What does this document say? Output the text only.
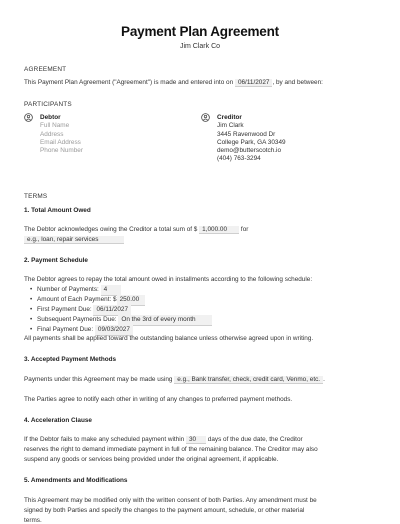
Payment Plan Agreement
Jim Clark Co
AGREEMENT
This Payment Plan Agreement ("Agreement") is made and entered into on 06/11/2027 , by and between:
PARTICIPANTS
Debtor
Full Name
Address
Email Address
Phone Number
Creditor
Jim Clark
3445 Ravenwood Dr
College Park, GA 30349
demo@butterscotch.io
(404) 763-3294
TERMS
1. Total Amount Owed
The Debtor acknowledges owing the Creditor a total sum of $ 1,000.00 for
e.g., loan, repair services
2. Payment Schedule
The Debtor agrees to repay the total amount owed in installments according to the following schedule:
• Number of Payments: 4
• Amount of Each Payment: $ 250.00
• First Payment Due: 06/11/2027
• Subsequent Payments Due: On the 3rd of every month
• Final Payment Due: 09/03/2027
All payments shall be applied toward the outstanding balance unless otherwise agreed upon in writing.
3. Accepted Payment Methods
Payments under this Agreement may be made using e.g., Bank transfer, check, credit card, Venmo, etc. .
The Parties agree to notify each other in writing of any changes to preferred payment methods.
4. Acceleration Clause
If the Debtor fails to make any scheduled payment within 30 days of the due date, the Creditor
reserves the right to demand immediate payment in full of the remaining balance. The Creditor may also
suspend any goods or services being provided under the original agreement, if applicable.
5. Amendments and Modifications
This Agreement may be modified only with the written consent of both Parties. Any amendment must be
signed by both Parties and specify the changes to the payment amount, schedule, or other material
terms.
